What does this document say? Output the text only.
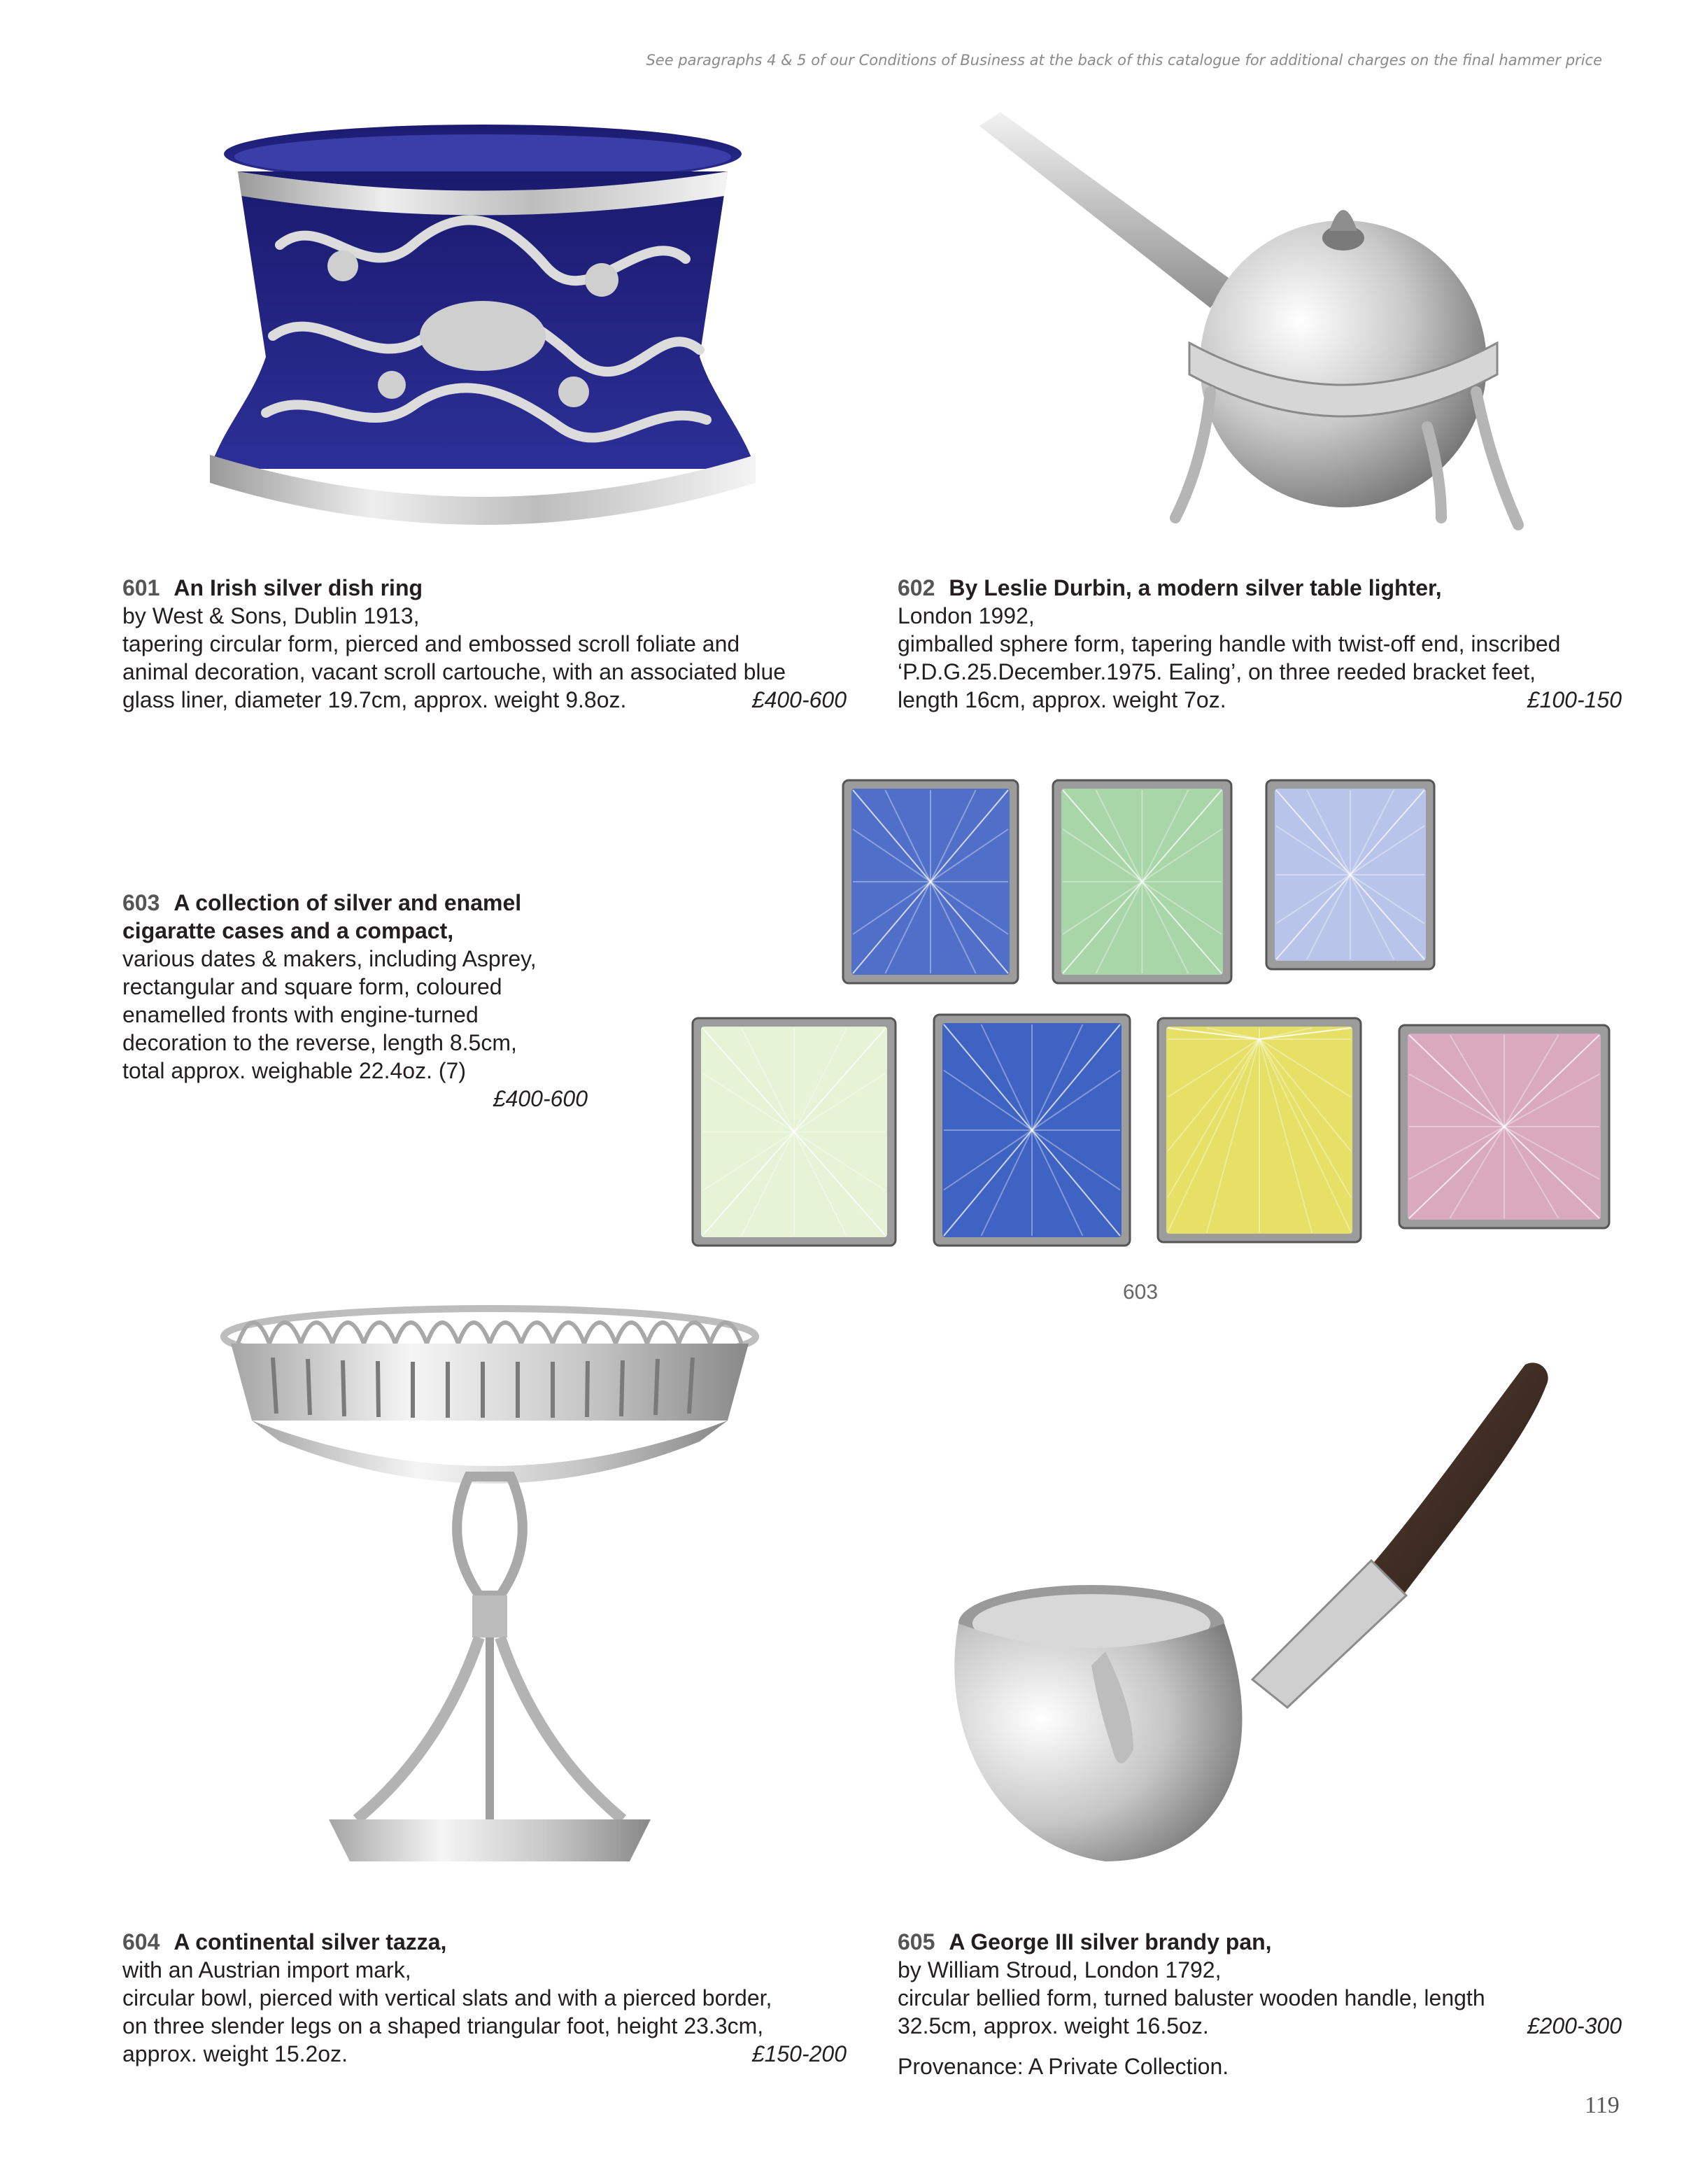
See paragraphs 4 & 5 of our Conditions of Business at the back of this catalogue for additional charges on the final hammer price

601 An Irish silver dish ring

by West & Sons, Dublin 1913,

tapering circular form, pierced and embossed scroll foliate and

animal decoration, vacant scroll cartouche, with an associated blue

glass liner, diameter 19.7cm, approx. weight 9.8oz.	£400-600

602 By Leslie Durbin, a modern silver table lighter,

London 1992,

gimballed sphere form, tapering handle with twist-off end, inscribed

‘P.D.G.25.December.1975. Ealing’, on three reeded bracket feet,

length 16cm, approx. weight 7oz.	£100-150

603 A collection of silver and enamel

cigaratte cases and a compact,

various dates & makers, including Asprey,

rectangular and square form, coloured

enamelled fronts with engine-turned

decoration to the reverse, length 8.5cm,

total approx. weighable 22.4oz. (7)

£400-600

603

604 A continental silver tazza,

with an Austrian import mark,

circular bowl, pierced with vertical slats and with a pierced border,

on three slender legs on a shaped triangular foot, height 23.3cm,

approx. weight 15.2oz.	£150-200

605 A George III silver brandy pan,

by William Stroud, London 1792,

circular bellied form, turned baluster wooden handle, length

32.5cm, approx. weight 16.5oz.	£200-300

Provenance: A Private Collection.

119
